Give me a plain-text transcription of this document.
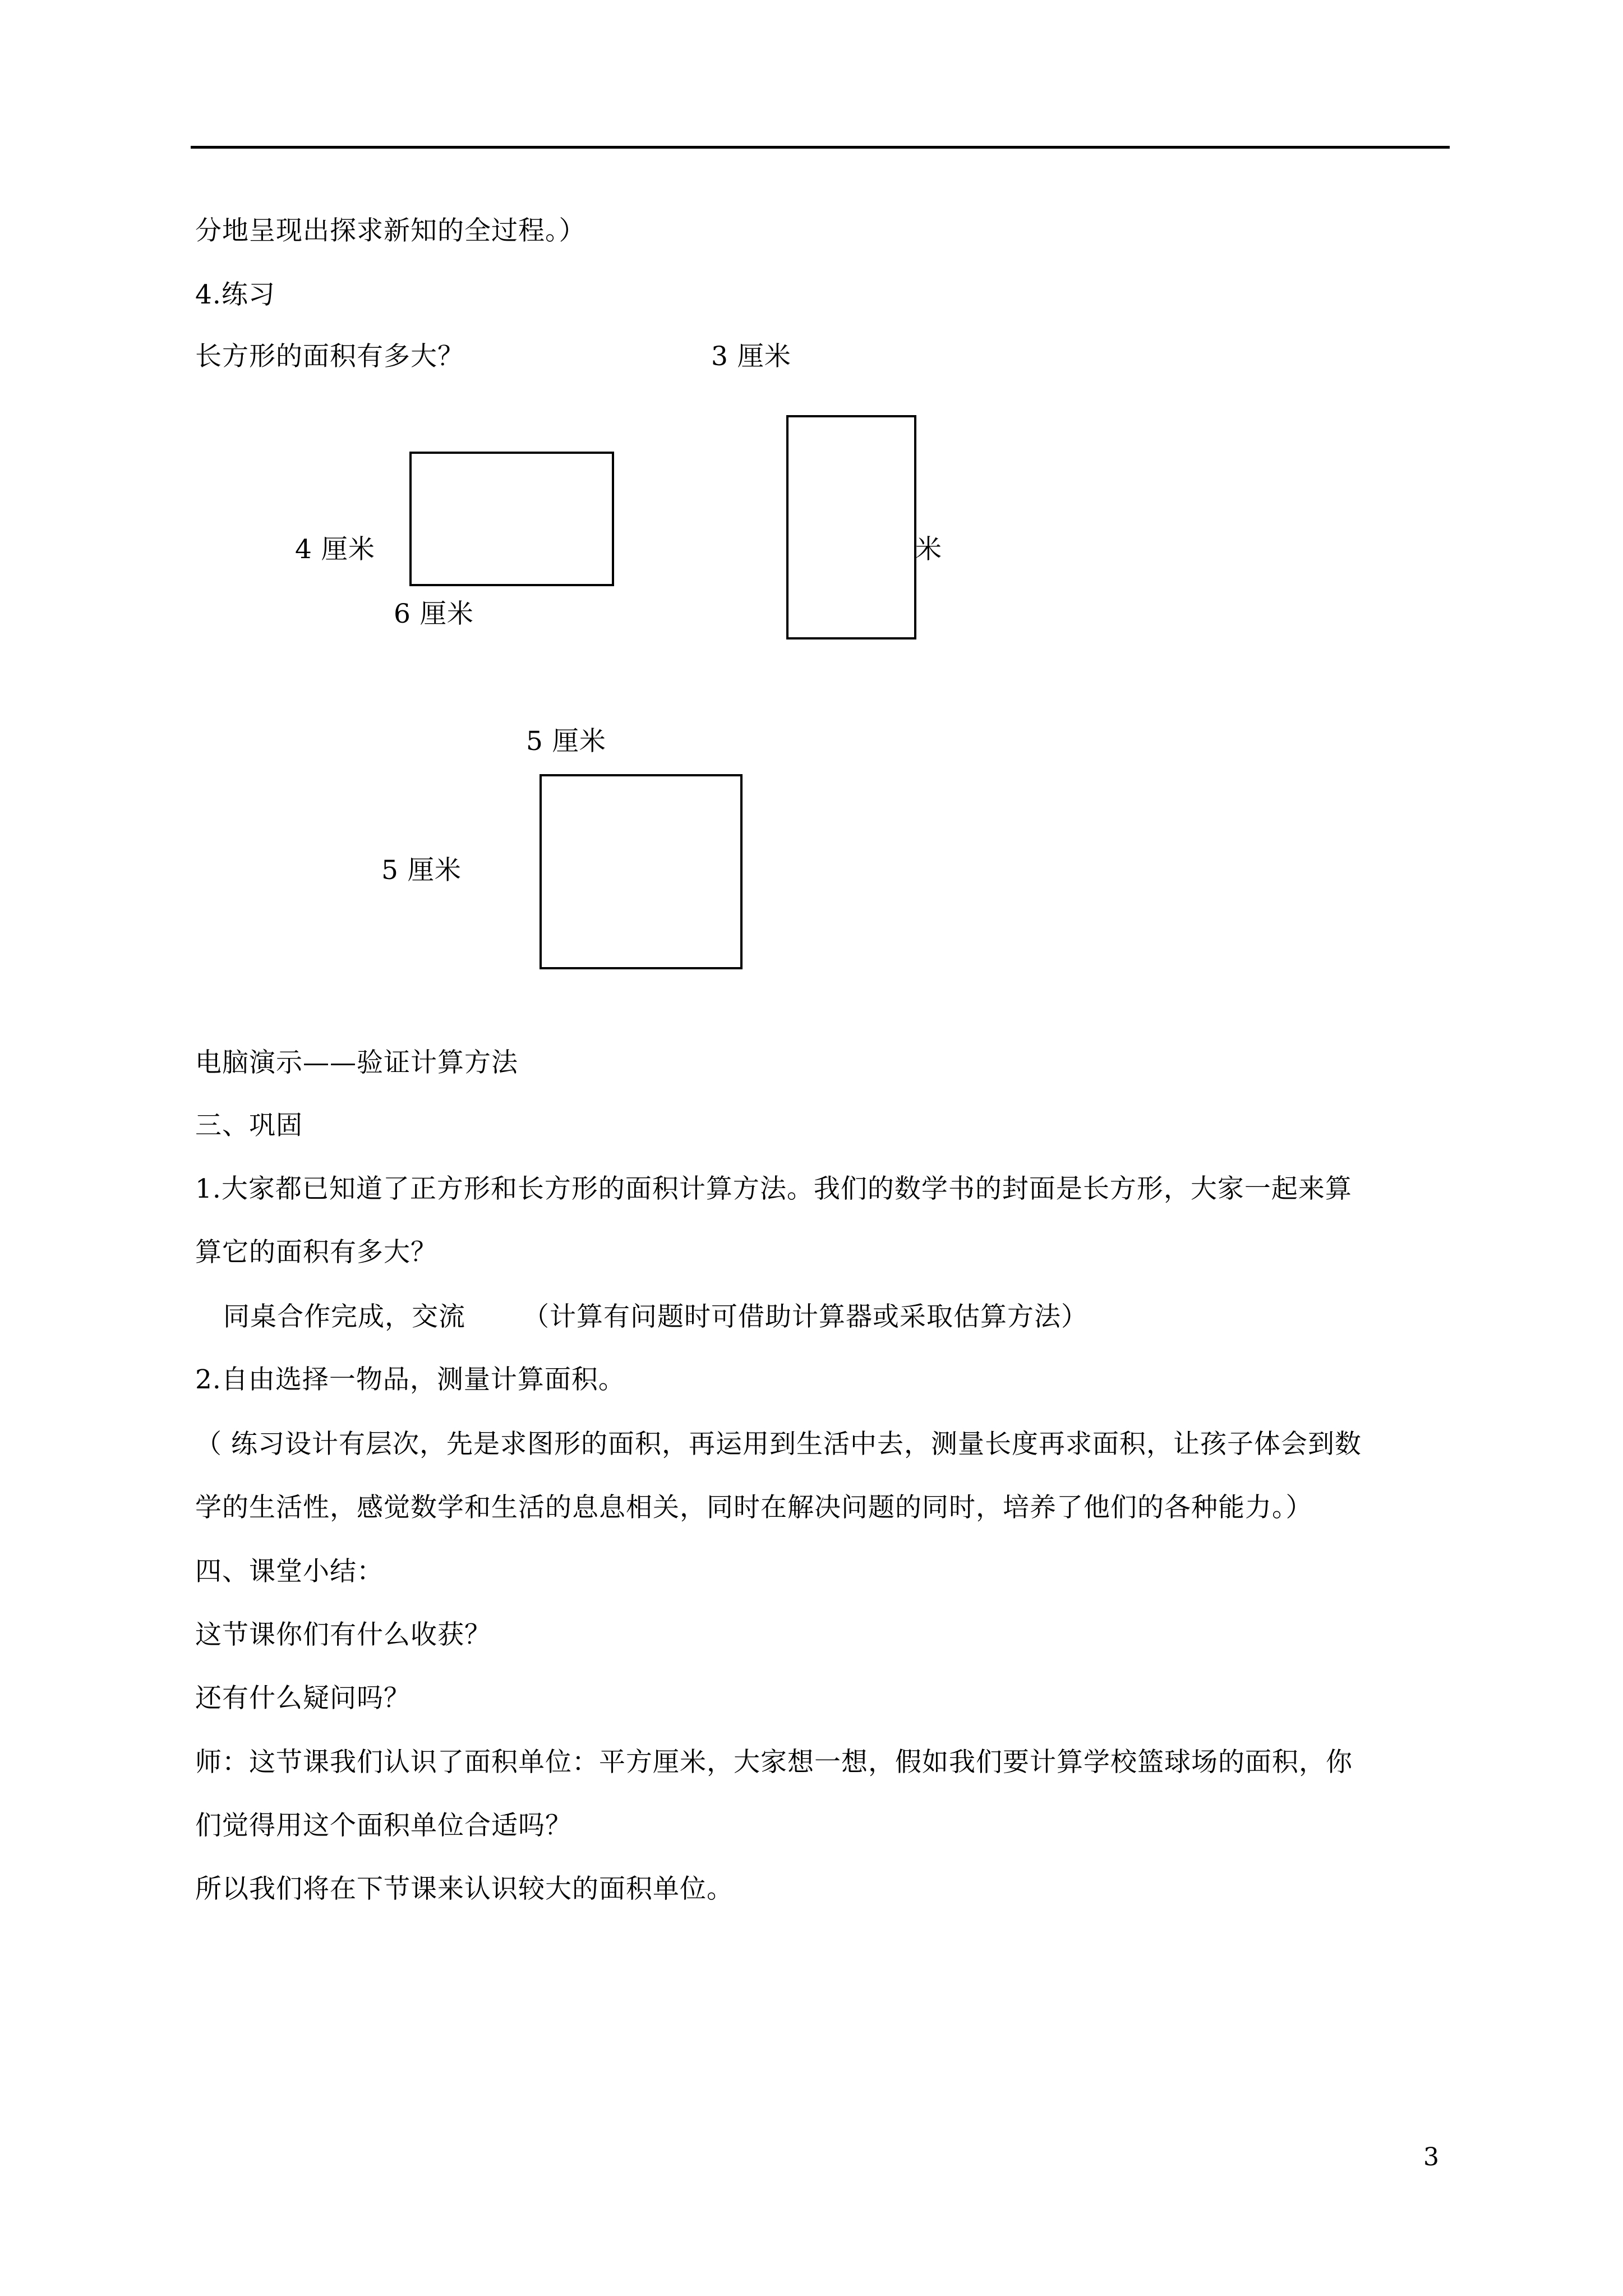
分地呈现出探求新知的全过程。）
4.练习
长方形的面积有多大？	3 厘米
4 厘米
6 厘米
米
5 厘米
5 厘米
电脑演示——验证计算方法
三、巩固
1.大家都已知道了正方形和长方形的面积计算方法。我们的数学书的封面是长方形，大家一起来算
算它的面积有多大？
同桌合作完成，交流 （计算有问题时可借助计算器或采取估算方法）
2.自由选择一物品，测量计算面积。
（ 练习设计有层次，先是求图形的面积，再运用到生活中去，测量长度再求面积，让孩子体会到数
学的生活性，感觉数学和生活的息息相关，同时在解决问题的同时，培养了他们的各种能力。）
四、课堂小结：
这节课你们有什么收获？
还有什么疑问吗？
师：这节课我们认识了面积单位：平方厘米，大家想一想，假如我们要计算学校篮球场的面积，你
们觉得用这个面积单位合适吗？
所以我们将在下节课来认识较大的面积单位。
3
